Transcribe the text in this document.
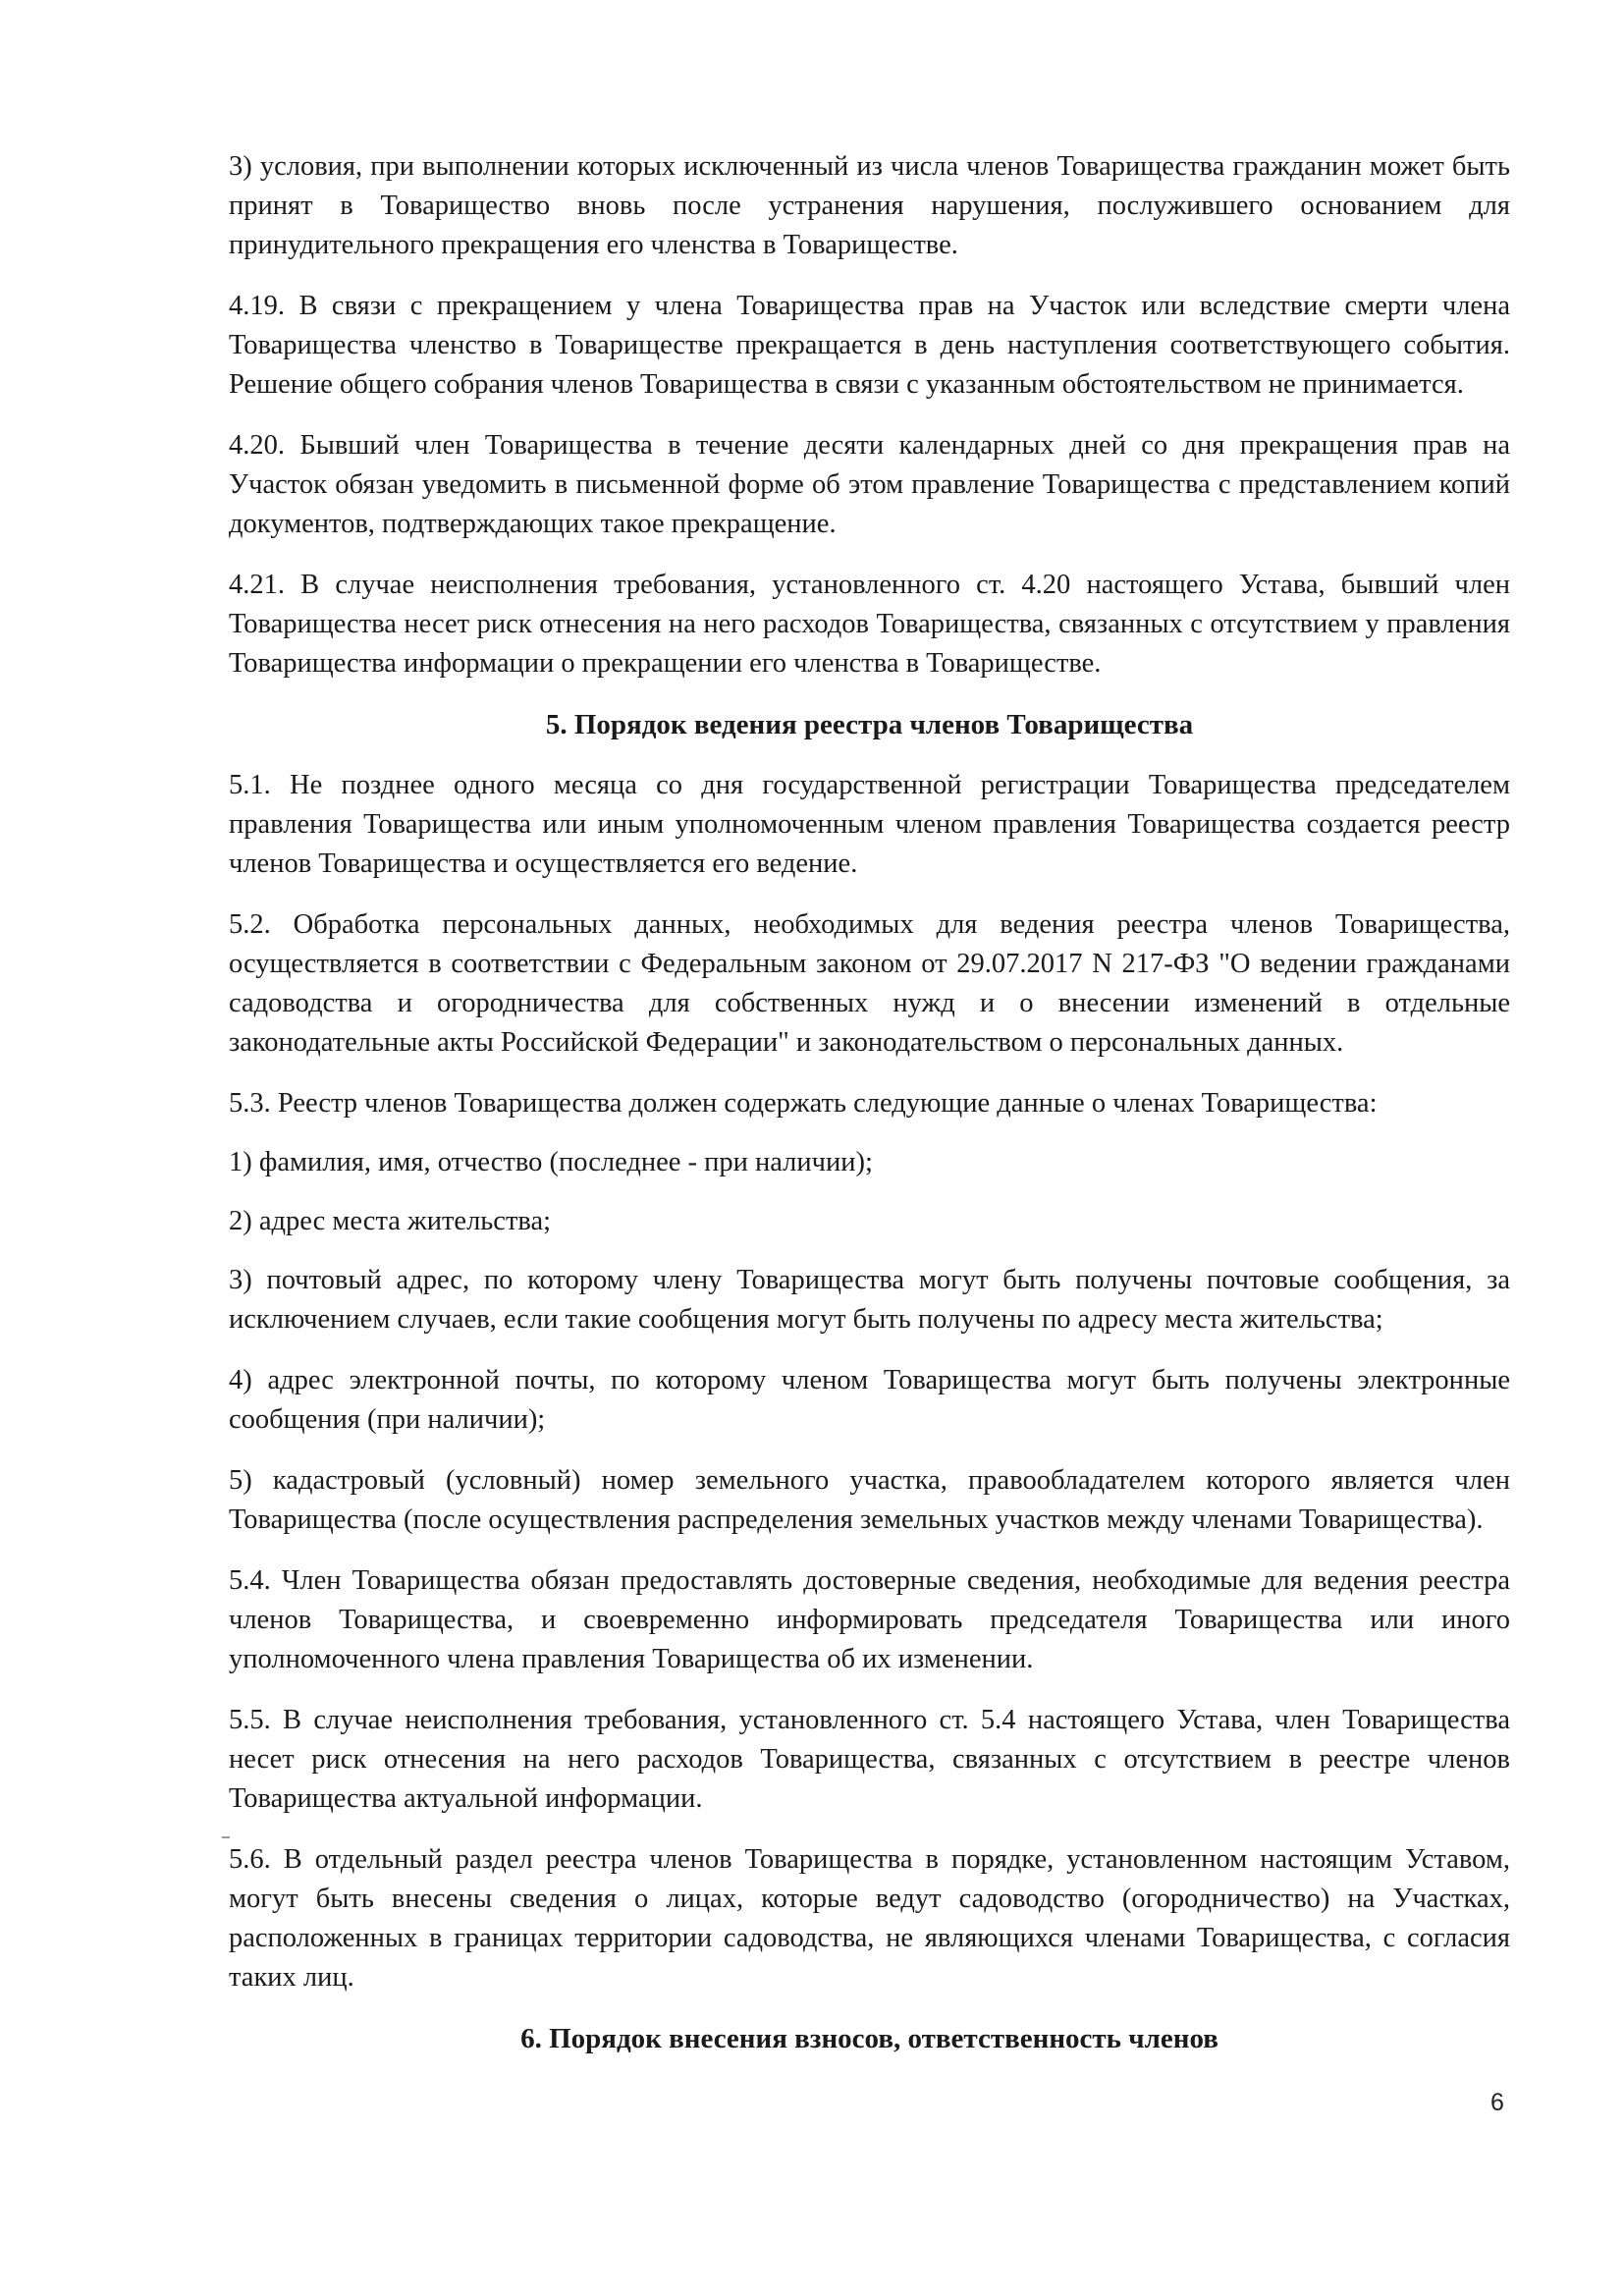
3) условия, при выполнении которых исключенный из числа членов Товарищества гражданин может быть принят в Товарищество вновь после устранения нарушения, послужившего основанием для принудительного прекращения его членства в Товариществе.

4.19. В связи с прекращением у члена Товарищества прав на Участок или вследствие смерти члена Товарищества членство в Товариществе прекращается в день наступления соответствующего события. Решение общего собрания членов Товарищества в связи с указанным обстоятельством не принимается.

4.20. Бывший член Товарищества в течение десяти календарных дней со дня прекращения прав на Участок обязан уведомить в письменной форме об этом правление Товарищества с представлением копий документов, подтверждающих такое прекращение.

4.21. В случае неисполнения требования, установленного ст. 4.20 настоящего Устава, бывший член Товарищества несет риск отнесения на него расходов Товарищества, связанных с отсутствием у правления Товарищества информации о прекращении его членства в Товариществе.

5. Порядок ведения реестра членов Товарищества

5.1. Не позднее одного месяца со дня государственной регистрации Товарищества председателем правления Товарищества или иным уполномоченным членом правления Товарищества создается реестр членов Товарищества и осуществляется его ведение.

5.2. Обработка персональных данных, необходимых для ведения реестра членов Товарищества, осуществляется в соответствии с Федеральным законом от 29.07.2017 N 217-ФЗ "О ведении гражданами садоводства и огородничества для собственных нужд и о внесении изменений в отдельные законодательные акты Российской Федерации" и законодательством о персональных данных.

5.3. Реестр членов Товарищества должен содержать следующие данные о членах Товарищества:

1) фамилия, имя, отчество (последнее - при наличии);

2) адрес места жительства;

3) почтовый адрес, по которому члену Товарищества могут быть получены почтовые сообщения, за исключением случаев, если такие сообщения могут быть получены по адресу места жительства;

4) адрес электронной почты, по которому членом Товарищества могут быть получены электронные сообщения (при наличии);

5) кадастровый (условный) номер земельного участка, правообладателем которого является член Товарищества (после осуществления распределения земельных участков между членами Товарищества).

5.4. Член Товарищества обязан предоставлять достоверные сведения, необходимые для ведения реестра членов Товарищества, и своевременно информировать председателя Товарищества или иного уполномоченного члена правления Товарищества об их изменении.

5.5. В случае неисполнения требования, установленного ст. 5.4 настоящего Устава, член Товарищества несет риск отнесения на него расходов Товарищества, связанных с отсутствием в реестре членов Товарищества актуальной информации.

5.6. В отдельный раздел реестра членов Товарищества в порядке, установленном настоящим Уставом, могут быть внесены сведения о лицах, которые ведут садоводство (огородничество) на Участках, расположенных в границах территории садоводства, не являющихся членами Товарищества, с согласия таких лиц.

6. Порядок внесения взносов, ответственность членов
6
